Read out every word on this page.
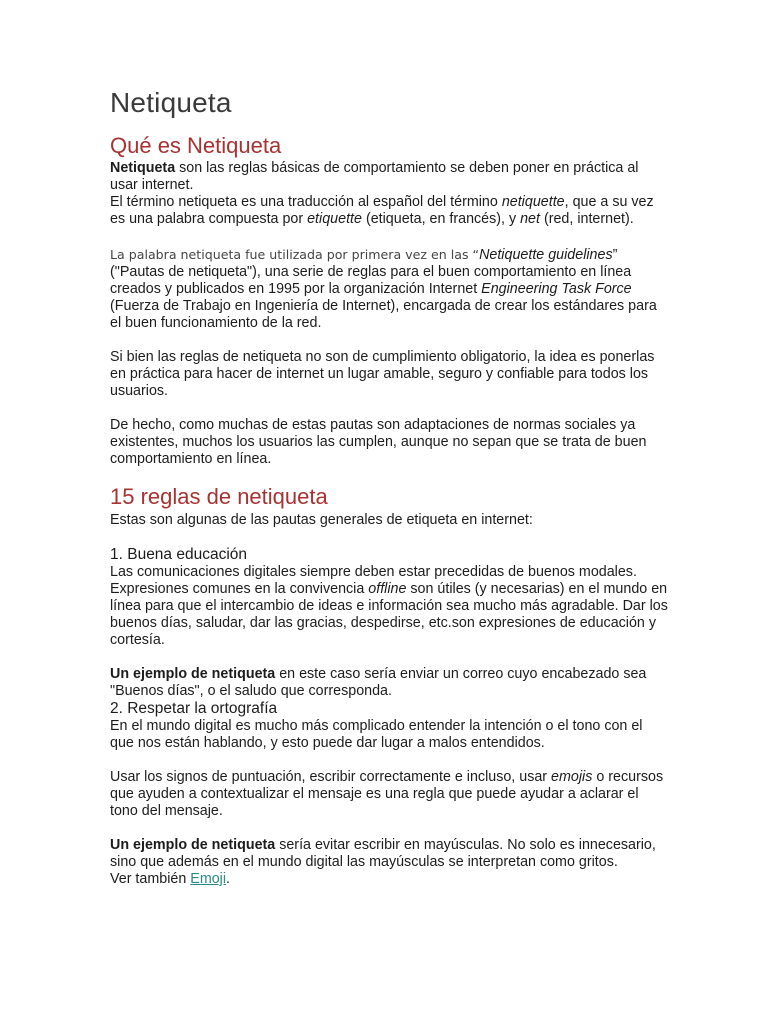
Netiqueta
Qué es Netiqueta

Netiqueta son las reglas básicas de comportamiento se deben poner en práctica al usar internet.

El término netiqueta es una traducción al español del término netiquette, que a su vez es una palabra compuesta por etiquette (etiqueta, en francés), y net (red, internet).

La palabra netiqueta fue utilizada por primera vez en las “Netiquette guidelines” ("Pautas de netiqueta"), una serie de reglas para el buen comportamiento en línea creados y publicados en 1995 por la organización Internet Engineering Task Force (Fuerza de Trabajo en Ingeniería de Internet), encargada de crear los estándares para el buen funcionamiento de la red.

Si bien las reglas de netiqueta no son de cumplimiento obligatorio, la idea es ponerlas en práctica para hacer de internet un lugar amable, seguro y confiable para todos los usuarios.

De hecho, como muchas de estas pautas son adaptaciones de normas sociales ya existentes, muchos los usuarios las cumplen, aunque no sepan que se trata de buen comportamiento en línea.

15 reglas de netiqueta

Estas son algunas de las pautas generales de etiqueta en internet:

1. Buena educación

Las comunicaciones digitales siempre deben estar precedidas de buenos modales. Expresiones comunes en la convivencia offline son útiles (y necesarias) en el mundo en línea para que el intercambio de ideas e información sea mucho más agradable. Dar los buenos días, saludar, dar las gracias, despedirse, etc.son expresiones de educación y cortesía.

Un ejemplo de netiqueta en este caso sería enviar un correo cuyo encabezado sea "Buenos días", o el saludo que corresponda.

2. Respetar la ortografía

En el mundo digital es mucho más complicado entender la intención o el tono con el que nos están hablando, y esto puede dar lugar a malos entendidos.

Usar los signos de puntuación, escribir correctamente e incluso, usar emojis o recursos que ayuden a contextualizar el mensaje es una regla que puede ayudar a aclarar el tono del mensaje.

Un ejemplo de netiqueta sería evitar escribir en mayúsculas. No solo es innecesario, sino que además en el mundo digital las mayúsculas se interpretan como gritos.

Ver también Emoji.
